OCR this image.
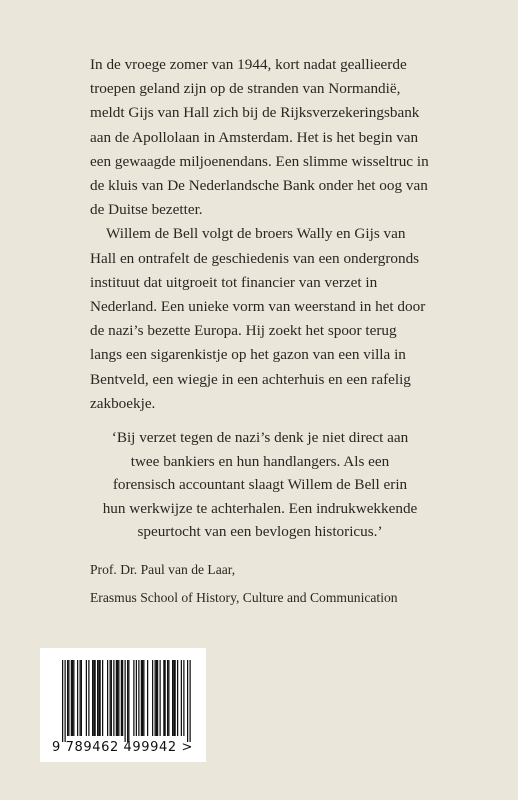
In de vroege zomer van 1944, kort nadat geallieerde troepen geland zijn op de stranden van Normandië, meldt Gijs van Hall zich bij de Rijksverzekeringsbank aan de Apollolaan in Amsterdam. Het is het begin van een gewaagde miljoenendans. Een slimme wisseltruc in de kluis van De Nederlandsche Bank onder het oog van de Duitse bezetter.

Willem de Bell volgt de broers Wally en Gijs van Hall en ontrafelt de geschiedenis van een ondergronds instituut dat uitgroeit tot financier van verzet in Nederland. Een unieke vorm van weerstand in het door de nazi’s bezette Europa. Hij zoekt het spoor terug langs een sigarenkistje op het gazon van een villa in Bentveld, een wiegje in een achterhuis en een rafelig zakboekje.

‘Bij verzet tegen de nazi’s denk je niet direct aan twee bankiers en hun handlangers. Als een forensisch accountant slaagt Willem de Bell erin hun werkwijze te achterhalen. Een indrukwekkende speurtocht van een bevlogen historicus.’
Prof. Dr. Paul van de Laar,
Erasmus School of History, Culture and Communication
9 789462 499942 >
